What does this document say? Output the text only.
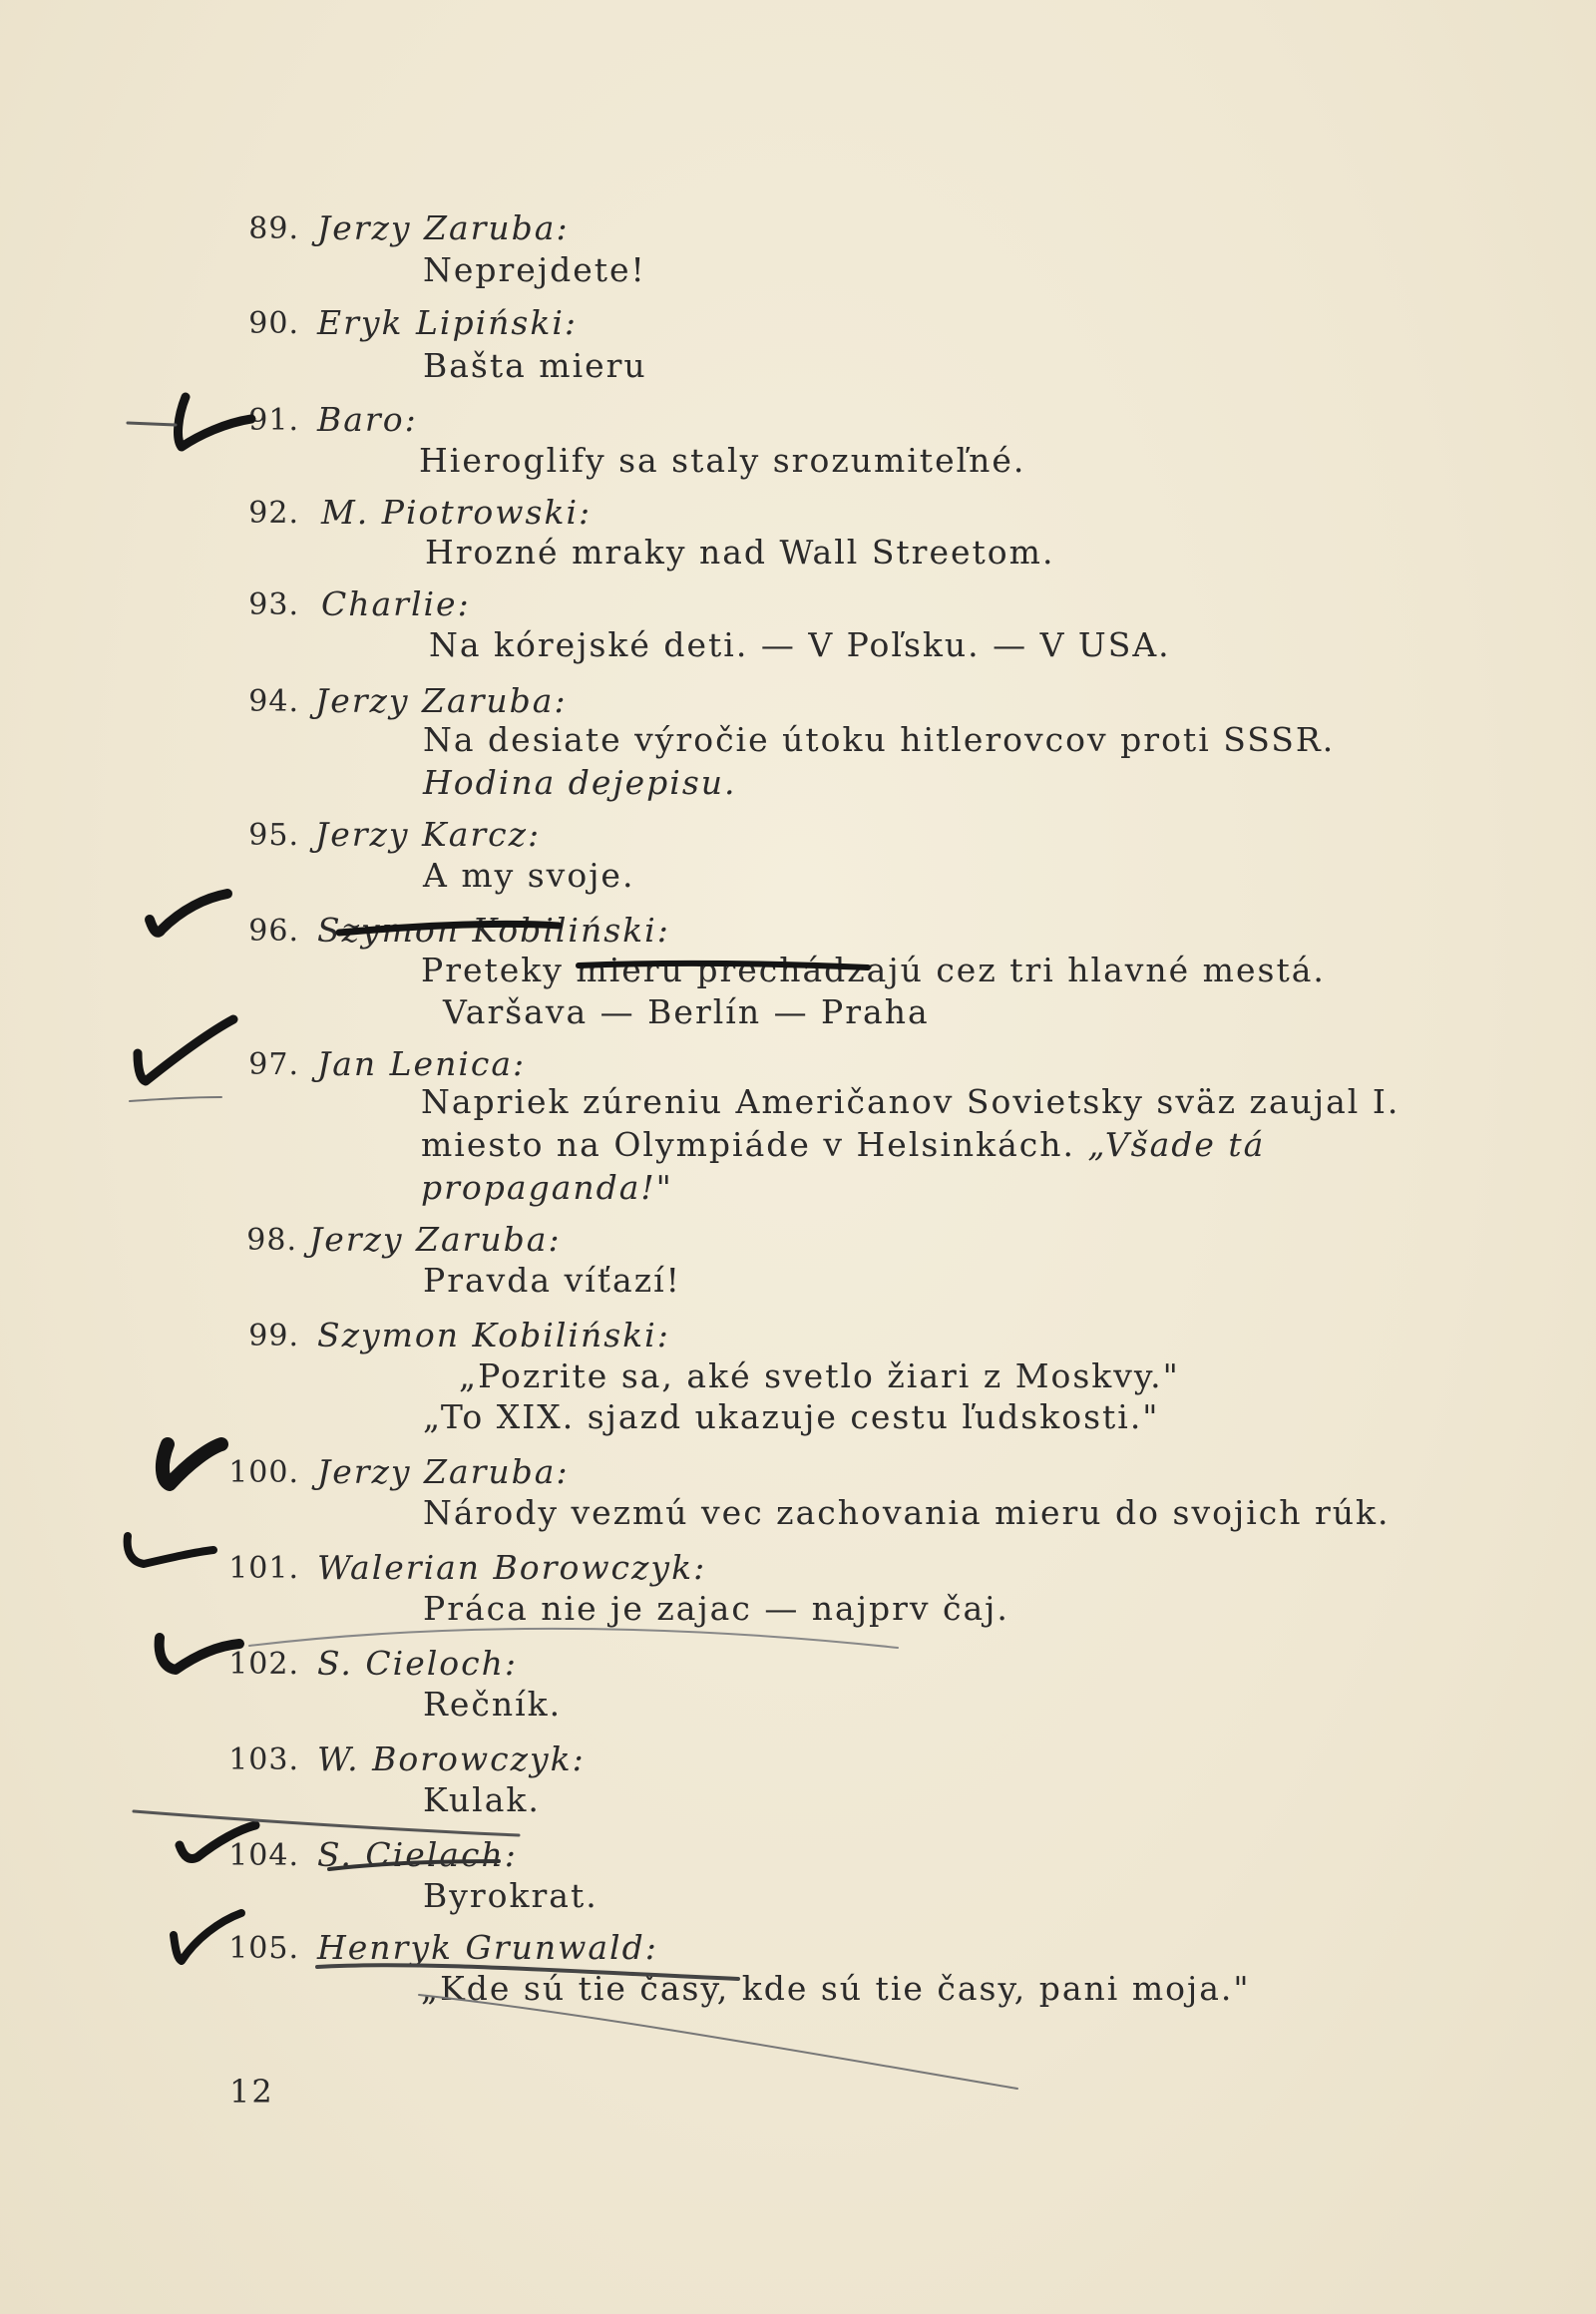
89. Jerzy Zaruba:
Neprejdete!
90. Eryk Lipiński:
Bašta mieru
91. Baro:
Hieroglify sa staly srozumiteľné.
92. M. Piotrowski:
Hrozné mraky nad Wall Streetom.
93. Charlie:
Na kórejské deti. — V Poľsku. — V USA.
94. Jerzy Zaruba:
Na desiate výročie útoku hitlerovcov proti SSSR. Hodina dejepisu.
95. Jerzy Karcz:
A my svoje.
96. Szymon Kobiliński:
Preteky mieru prechádzajú cez tri hlavné mestá.
Varšava — Berlín — Praha
97. Jan Lenica:
Napriek zúreniu Američanov Sovietsky sväz zaujal I. miesto na Olympiáde v Helsinkách. „Všade tá propaganda!"
98. Jerzy Zaruba:
Pravda víťazí!
99. Szymon Kobiliński:
„Pozrite sa, aké svetlo žiari z Moskvy."
„To XIX. sjazd ukazuje cestu ľudskosti."
100. Jerzy Zaruba:
Národy vezmú vec zachovania mieru do svojich rúk.
101. Walerian Borowczyk:
Práca nie je zajac — najprv čaj.
102. S. Cieloch:
Rečník.
103. W. Borowczyk:
Kulak.
104. S. Cielach:
Byrokrat.
105. Henryk Grunwald:
„Kde sú tie časy, kde sú tie časy, pani moja."
12
